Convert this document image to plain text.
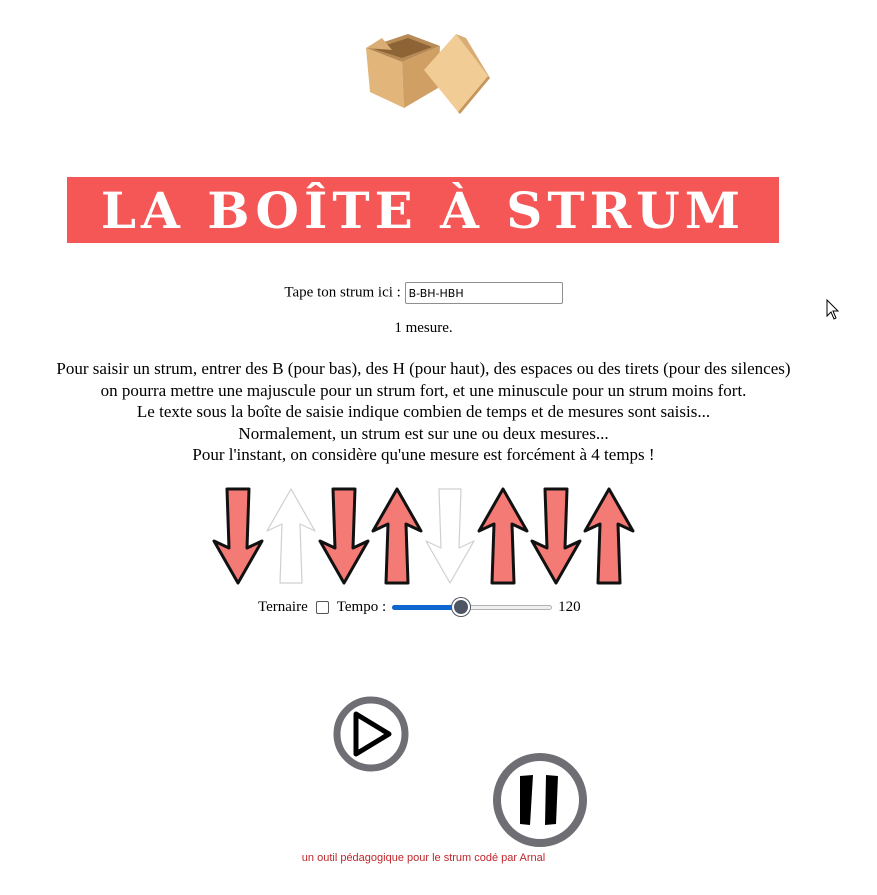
LA BOÎTE À STRUM
Tape ton strum ici : B-BH-HBH
1 mesure.
Pour saisir un strum, entrer des B (pour bas), des H (pour haut), des espaces ou des tirets (pour des silences)
on pourra mettre une majuscule pour un strum fort, et une minuscule pour un strum moins fort.
Le texte sous la boîte de saisie indique combien de temps et de mesures sont saisis...
Normalement, un strum est sur une ou deux mesures...
Pour l'instant, on considère qu'une mesure est forcément à 4 temps !
Ternaire Tempo :	120
un outil pédagogique pour le strum codé par Arnal
